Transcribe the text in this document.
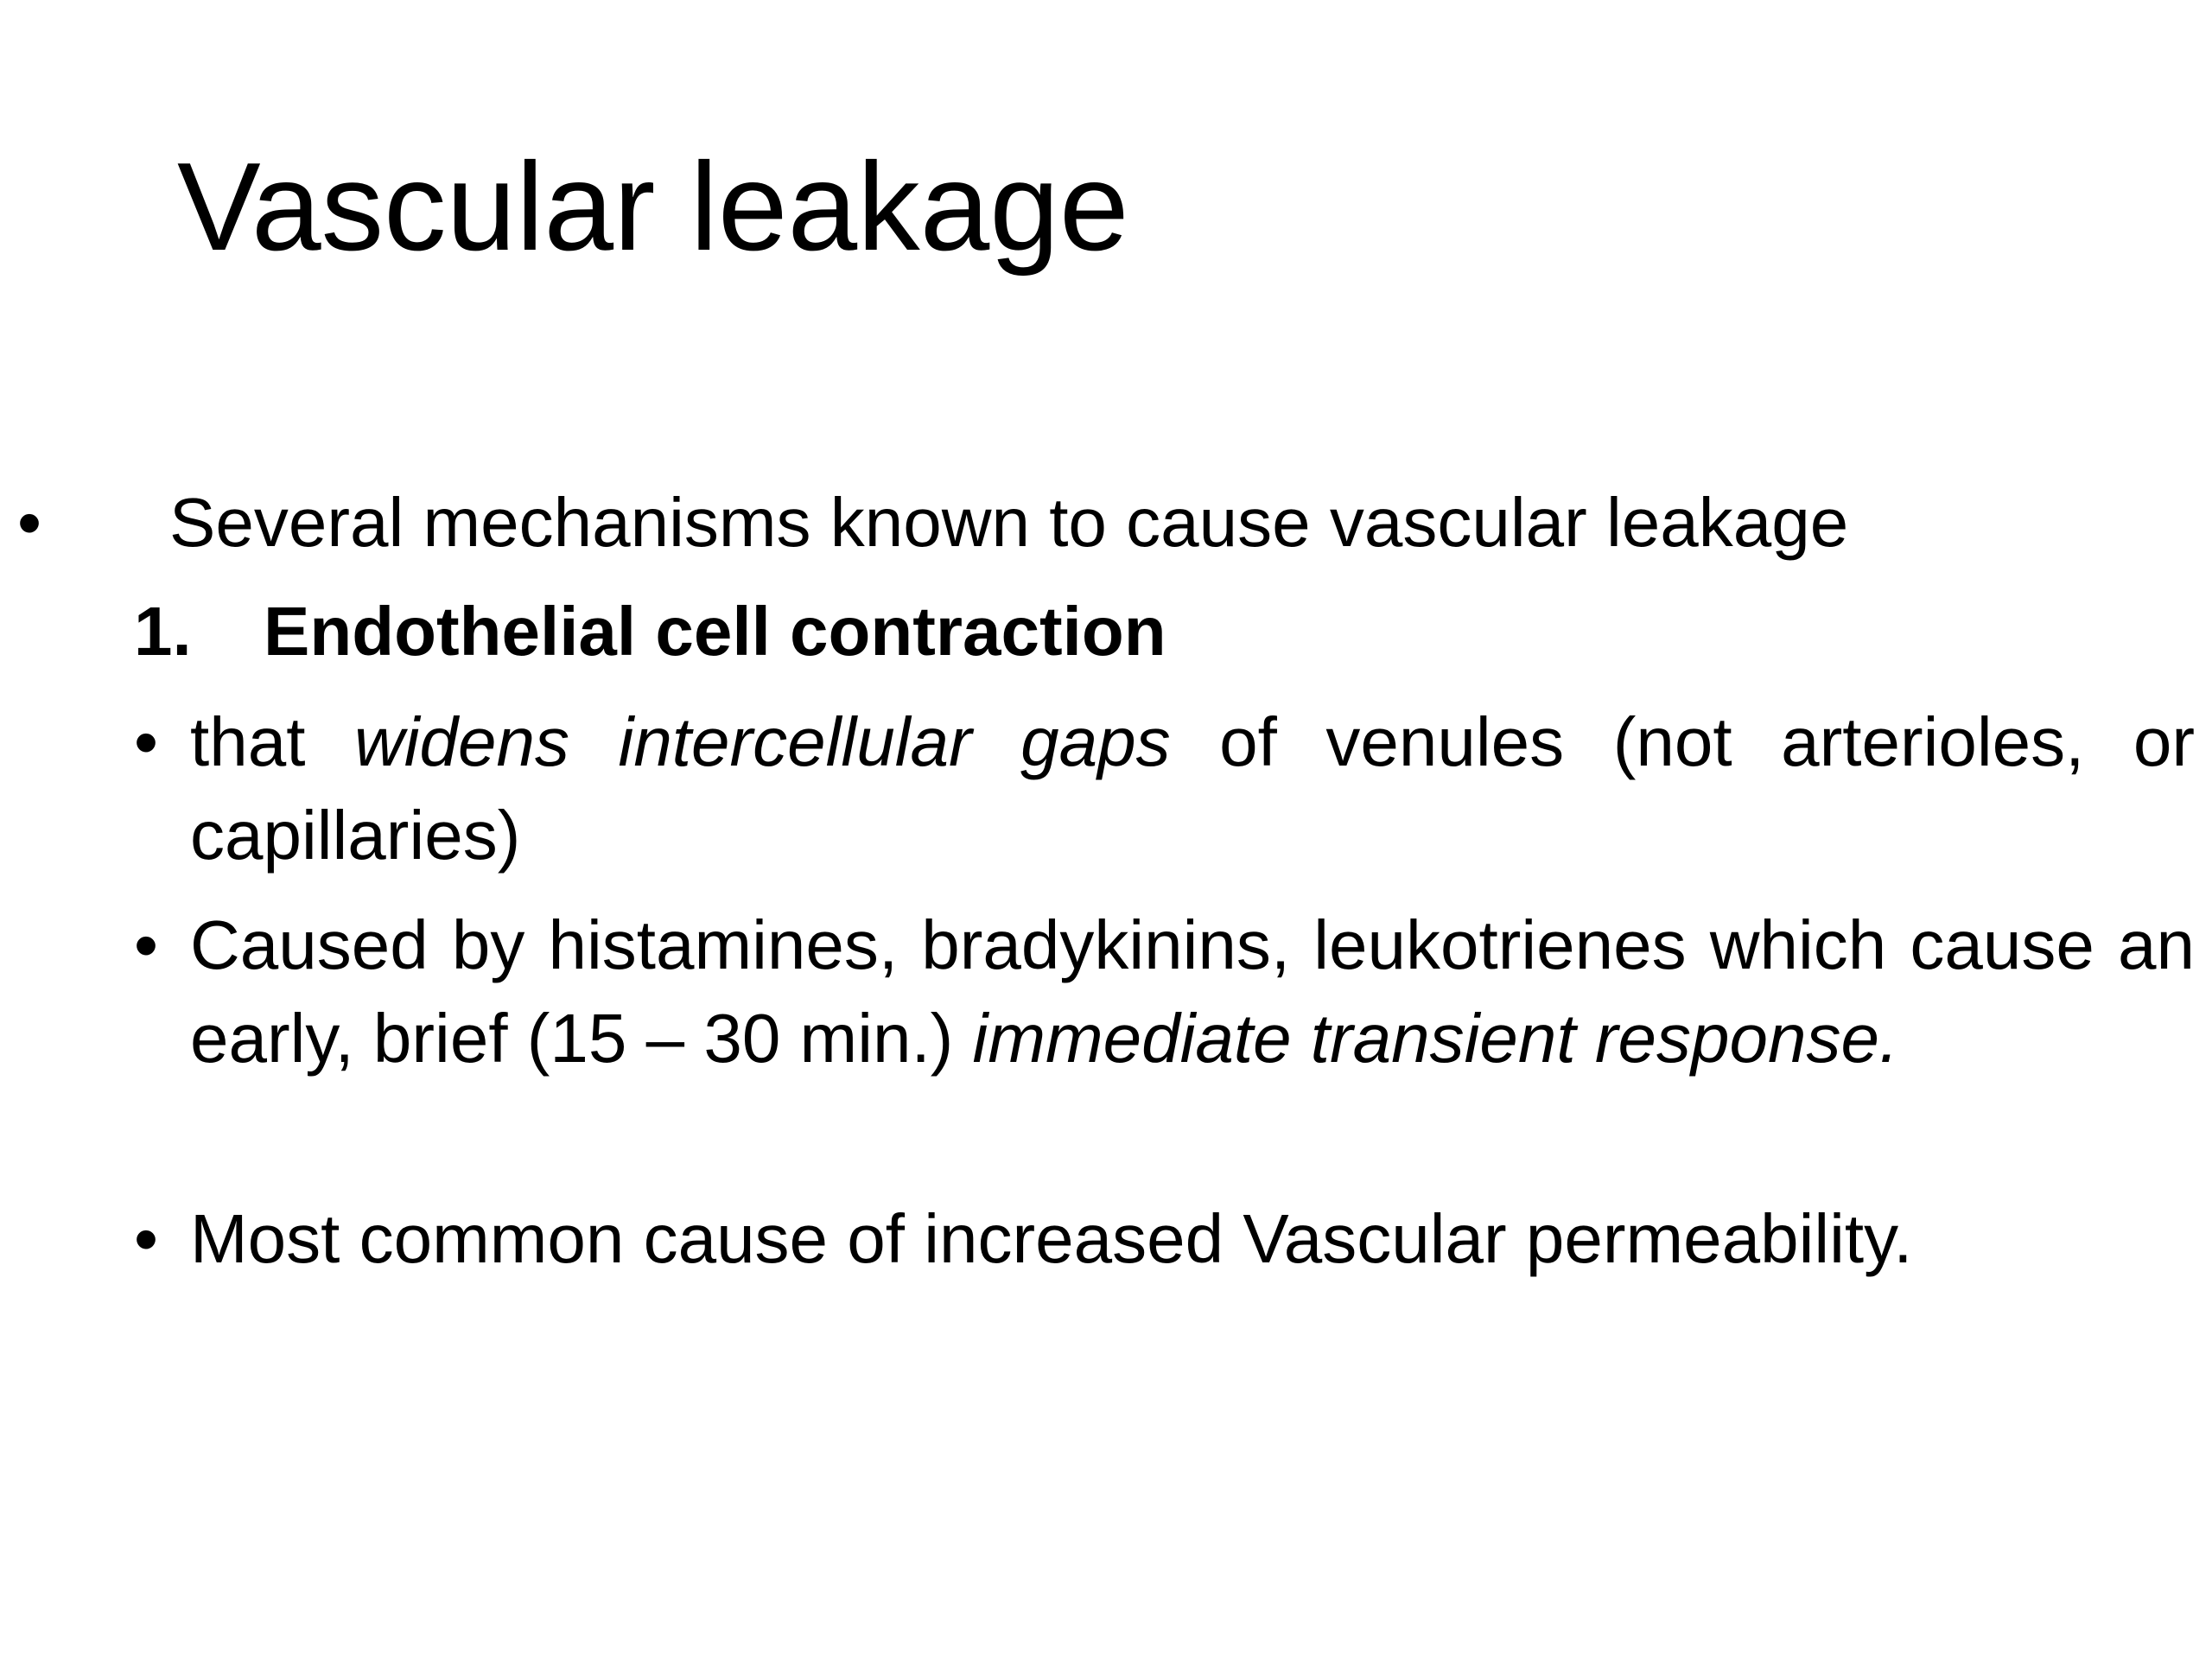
Vascular leakage
• Several mechanisms known to cause vascular leakage
1. Endothelial cell contraction
• that widens intercellular gaps of venules (not arterioles, or capillaries)
• Caused by histamines, bradykinins, leukotrienes which cause an early, brief (15 – 30 min.) immediate transient response.
• Most common cause of increased Vascular permeability.
